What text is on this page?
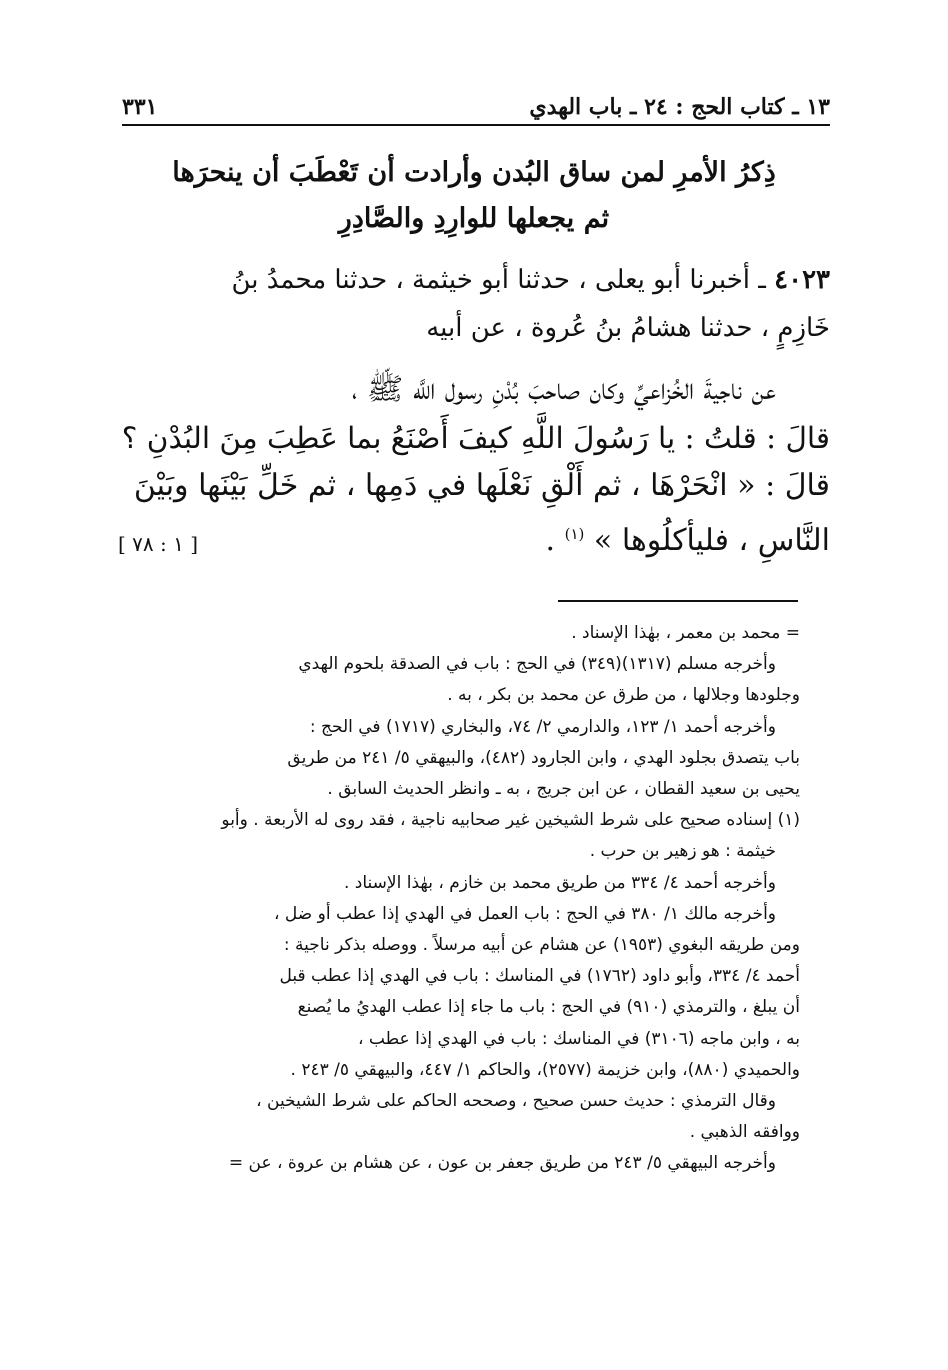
١٣ ـ كتاب الحج : ٢٤ ـ باب الهدي
٣٣١
ذِكرُ الأمرِ لمن ساق البُدن وأرادت أن تَعْطَبَ أن ينحرَها
ثم يجعلها للوارِدِ والصَّادِرِ
٤٠٢٣ ـ أخبرنا أبو يعلى ، حدثنا أبو خيثمة ، حدثنا محمدُ بنُ
خَازِمٍ ، حدثنا هشامُ بنُ عُروة ، عن أبيه
عن ناجيةَ الخُزاعيِّ وكان صاحبَ بُدْنِ رسول اللَّه ﷺ ،
قالَ : قلتُ : يا رَسُولَ اللَّهِ كيفَ أَصْنَعُ بما عَطِبَ مِنَ البُدْنِ ؟
قالَ : « انْحَرْهَا ، ثم أَلْقِ نَعْلَها في دَمِها ، ثم خَلِّ بَيْنَها وبَيْنَ
النَّاسِ ، فليأكلُوها » $^{(١)}$ .
[ ١ : ٧٨ ]
= محمد بن معمر ، بهٰذا الإسناد .
وأخرجه مسلم (١٣١٧)(٣٤٩) في الحج : باب في الصدقة بلحوم الهدي
وجلودها وجلالها ، من طرق عن محمد بن بكر ، به .
وأخرجه أحمد ١/ ١٢٣، والدارمي ٢/ ٧٤، والبخاري (١٧١٧) في الحج :
باب يتصدق بجلود الهدي ، وابن الجارود (٤٨٢)، والبيهقي ٥/ ٢٤١ من طريق
يحيى بن سعيد القطان ، عن ابن جريج ، به ـ وانظر الحديث السابق .
(١) إسناده صحيح على شرط الشيخين غير صحابيه ناجية ، فقد روى له الأربعة . وأبو
خيثمة : هو زهير بن حرب .
وأخرجه أحمد ٤/ ٣٣٤ من طريق محمد بن خازم ، بهٰذا الإسناد .
وأخرجه مالك ١/ ٣٨٠ في الحج : باب العمل في الهدي إذا عطب أو ضل ،
ومن طريقه البغوي (١٩٥٣) عن هشام عن أبيه مرسلاً . ووصله بذكر ناجية :
أحمد ٤/ ٣٣٤، وأبو داود (١٧٦٢) في المناسك : باب في الهدي إذا عطب قبل
أن يبلغ ، والترمذي (٩١٠) في الحج : باب ما جاء إذا عطب الهديُ ما يُصنع
به ، وابن ماجه (٣١٠٦) في المناسك : باب في الهدي إذا عطب ،
والحميدي (٨٨٠)، وابن خزيمة (٢٥٧٧)، والحاكم ١/ ٤٤٧، والبيهقي ٥/ ٢٤٣ .
وقال الترمذي : حديث حسن صحيح ، وصححه الحاكم على شرط الشيخين ،
ووافقه الذهبي .
وأخرجه البيهقي ٥/ ٢٤٣ من طريق جعفر بن عون ، عن هشام بن عروة ، عن =
